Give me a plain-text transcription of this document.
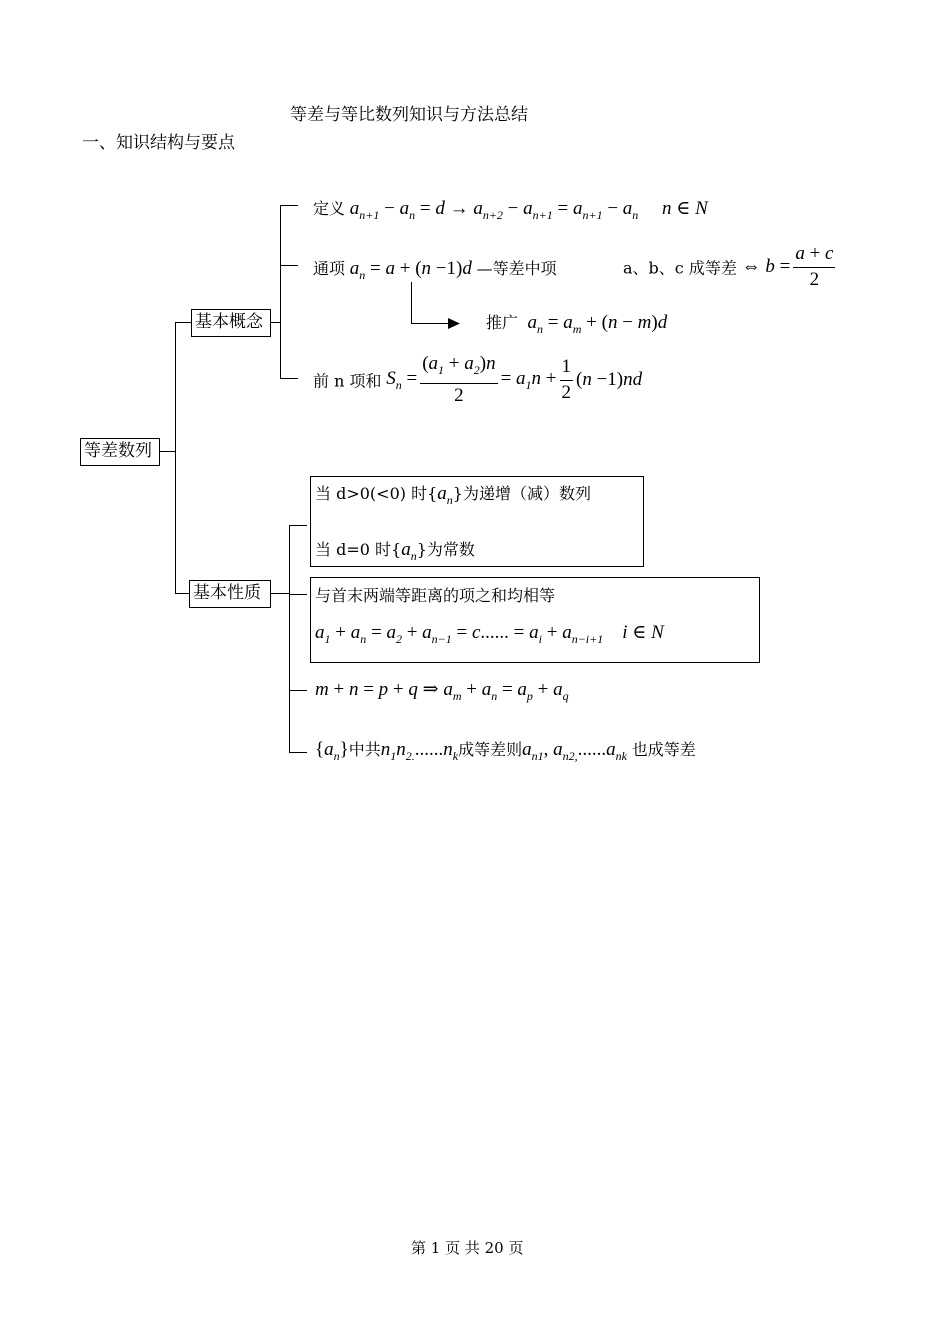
等差与等比数列知识与方法总结
一、知识结构与要点
等差数列
基本概念
基本性质
定义 $a_{n+1} - a_n = d \to a_{n+2} - a_{n+1} = a_{n+1} - a_n$ n ∈ N
通项 $a_n = a + (n -1)d$ —等差中项	a、b、c 成等差 ⇔ $b = \frac{a + c}{2}$
推广 $a_n = a_m + (n - m)d$
前 n 项和 $S_n = \frac{(a_1 + a_2)n}{2} = a_1n + \frac{1}{2} (n -1)nd$
当 d>0(<0) 时$\{a_n\}$为递增（减）数列
当 d=0 时$\{a_n\}$为常数
与首末两端等距离的项之和均相等
$a_1 + a_n = a_2 + a_{n-1} = c$...... = $a_i + a_{n-i+1}$ i ∈ N
m + n = p + q ⇒ $a_m + a_n = a_p + a_q$
$\{a_n\}$中共$n_1n_{2.}......n_k$成等差则$a_{n1}$, $a_{n2,}......a_{nk}$ 也成等差
第 1 页 共 20 页
